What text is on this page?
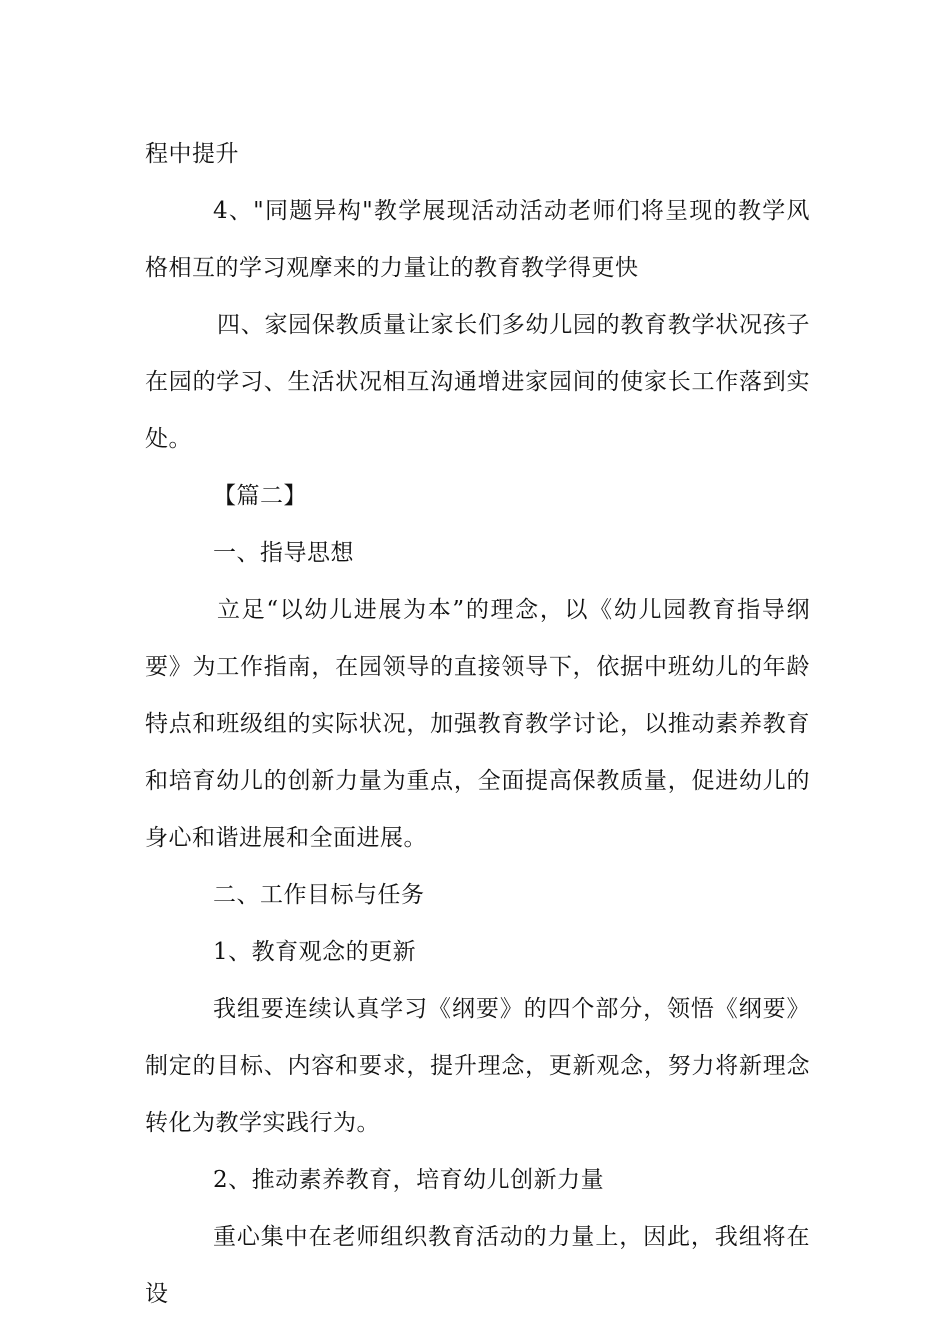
程中提升

4、"同题异构"教学展现活动活动老师们将呈现的教学风格相互的学习观摩来的力量让的教育教学得更快

四、家园保教质量让家长们多幼儿园的教育教学状况孩子在园的学习、生活状况相互沟通增进家园间的使家长工作落到实处。

【篇二】

一、指导思想

立足“以幼儿进展为本”的理念，以《幼儿园教育指导纲要》为工作指南，在园领导的直接领导下，依据中班幼儿的年龄特点和班级组的实际状况，加强教育教学讨论，以推动素养教育和培育幼儿的创新力量为重点，全面提高保教质量，促进幼儿的身心和谐进展和全面进展。

二、工作目标与任务

1、教育观念的更新

我组要连续认真学习《纲要》的四个部分，领悟《纲要》制定的目标、内容和要求，提升理念，更新观念，努力将新理念转化为教学实践行为。

2、推动素养教育，培育幼儿创新力量

重心集中在老师组织教育活动的力量上，因此，我组将在设
